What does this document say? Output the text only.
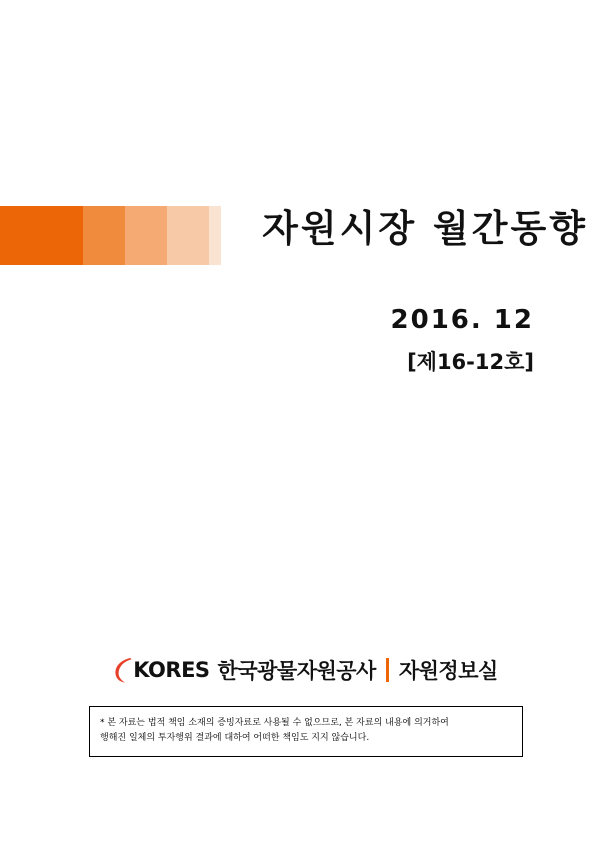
자원시장 월간동향
2016. 12
[제16-12호]
KORES 한국광물자원공사 자원정보실
* 본 자료는 법적 책임 소재의 증빙자료로 사용될 수 없으므로, 본 자료의 내용에 의거하여
행해진 일체의 투자행위 결과에 대하여 어떠한 책임도 지지 않습니다.
